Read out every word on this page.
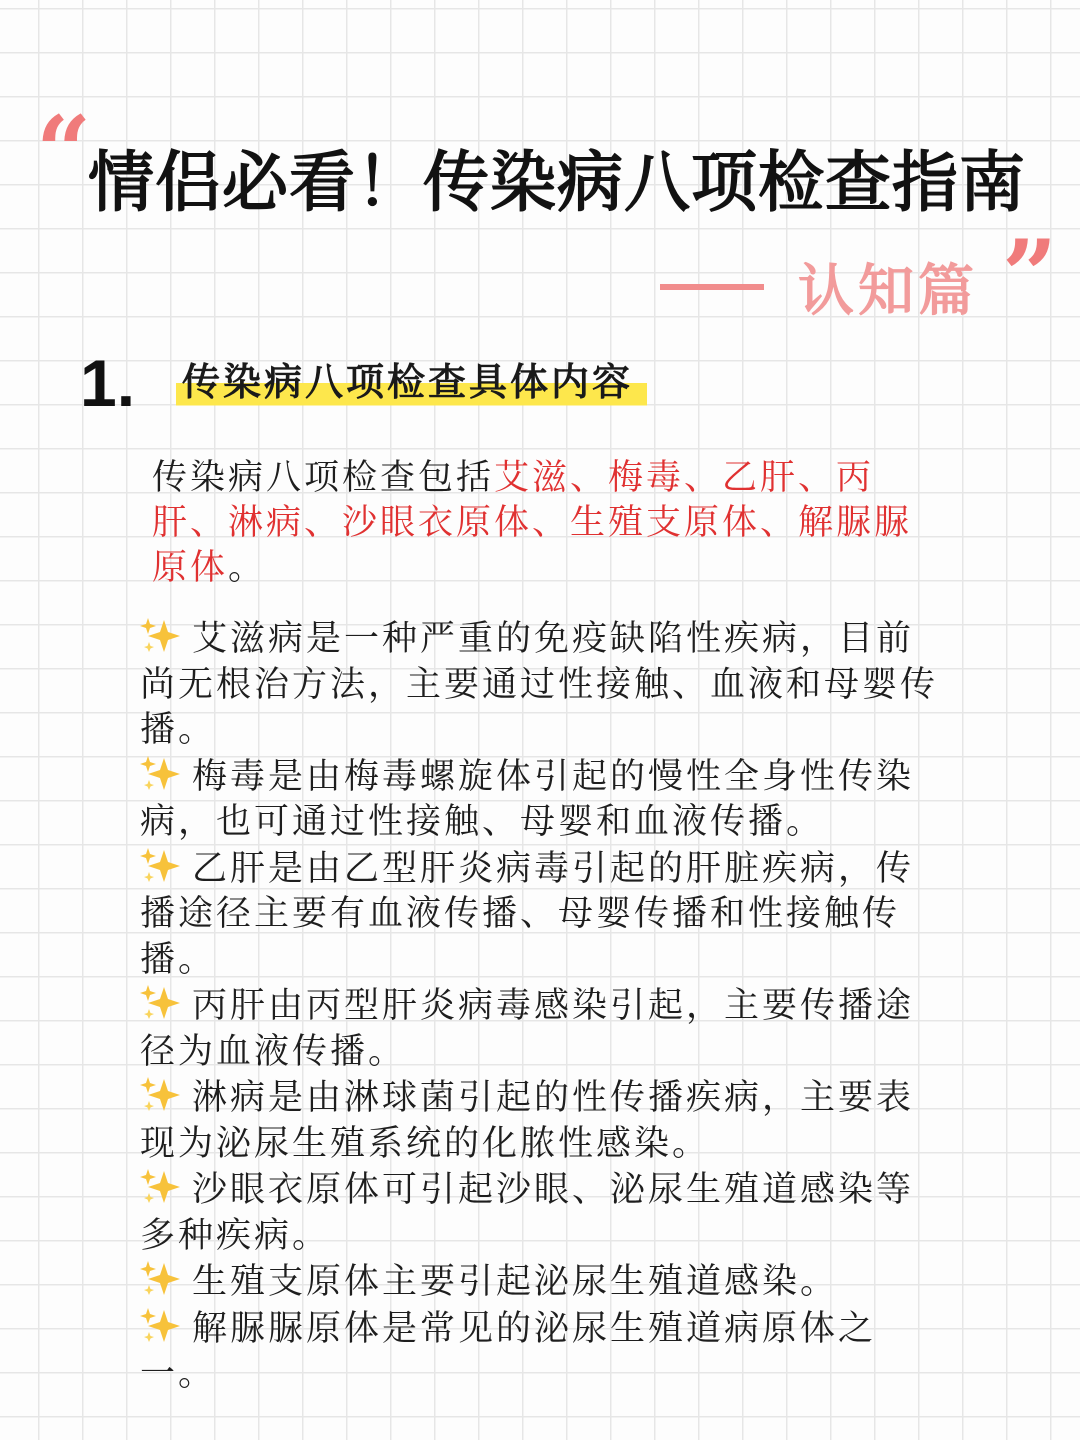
“
情侣必看！传染病八项检查指南
”
认知篇
1. 传染病八项检查具体内容

传染病八项检查包括艾滋、梅毒、乙肝、丙肝、淋病、沙眼衣原体、生殖支原体、解脲脲原体。

艾滋病是一种严重的免疫缺陷性疾病，目前尚无根治方法，主要通过性接触、血液和母婴传播。
梅毒是由梅毒螺旋体引起的慢性全身性传染病，也可通过性接触、母婴和血液传播。
乙肝是由乙型肝炎病毒引起的肝脏疾病，传播途径主要有血液传播、母婴传播和性接触传播。
丙肝由丙型肝炎病毒感染引起，主要传播途径为血液传播。
淋病是由淋球菌引起的性传播疾病，主要表现为泌尿生殖系统的化脓性感染。
沙眼衣原体可引起沙眼、泌尿生殖道感染等多种疾病。
生殖支原体主要引起泌尿生殖道感染。
解脲脲原体是常见的泌尿生殖道病原体之一。
